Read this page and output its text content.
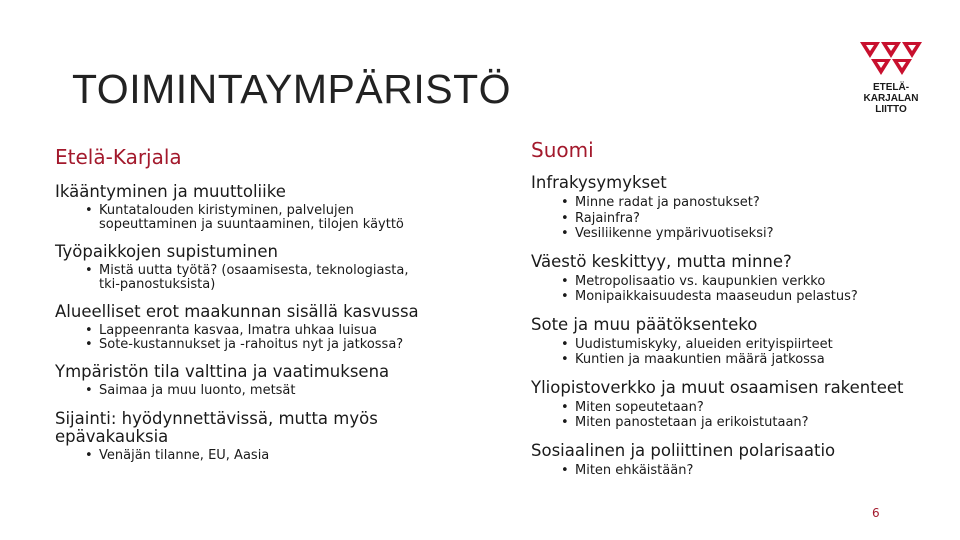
TOIMINTAYMPÄRISTÖ	ETELÄ-
KARJALAN
LIITTO
Etelä-Karjala
Ikääntyminen ja muuttoliike
• Kuntatalouden kiristyminen, palvelujen
sopeuttaminen ja suuntaaminen, tilojen käyttö
Työpaikkojen supistuminen
• Mistä uutta työtä? (osaamisesta, teknologiasta,
tki-panostuksista)
Alueelliset erot maakunnan sisällä kasvussa
• Lappeenranta kasvaa, Imatra uhkaa luisua
• Sote-kustannukset ja -rahoitus nyt ja jatkossa?
Ympäristön tila valttina ja vaatimuksena
• Saimaa ja muu luonto, metsät
Sijainti: hyödynnettävissä, mutta myös epävakauksia
• Venäjän tilanne, EU, Aasia
Suomi
Infrakysymykset
• Minne radat ja panostukset?
• Rajainfra?
• Vesiliikenne ympärivuotiseksi?
Väestö keskittyy, mutta minne?
• Metropolisaatio vs. kaupunkien verkko
• Monipaikkaisuudesta maaseudun pelastus?
Sote ja muu päätöksenteko
• Uudistumiskyky, alueiden erityispiirteet
• Kuntien ja maakuntien määrä jatkossa
Yliopistoverkko ja muut osaamisen rakenteet
• Miten sopeutetaan?
• Miten panostetaan ja erikoistutaan?
Sosiaalinen ja poliittinen polarisaatio
• Miten ehkäistään?
6
